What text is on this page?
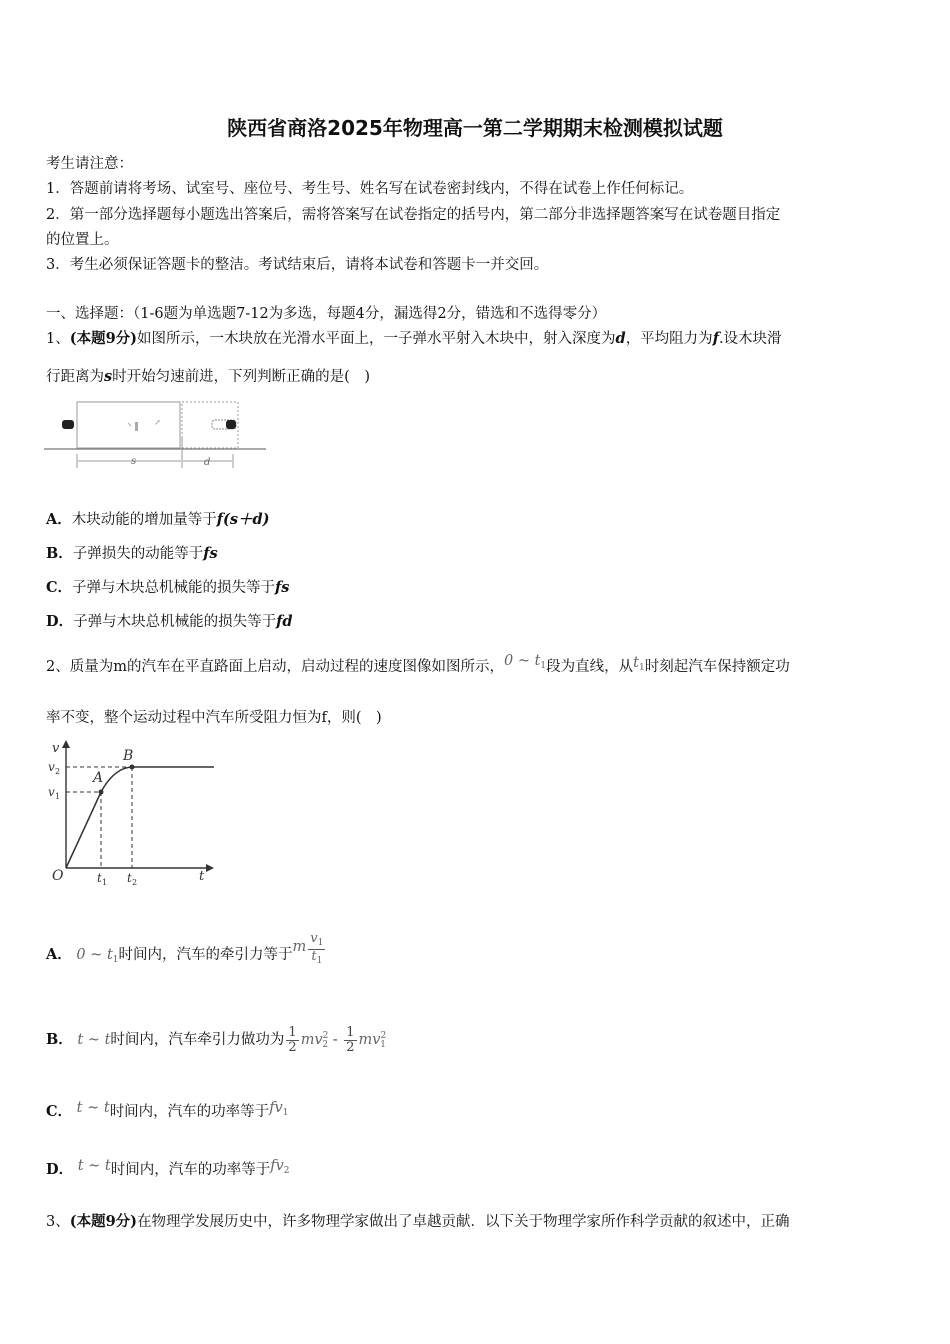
陕西省商洛2025年物理高一第二学期期末检测模拟试题
考生请注意：
1．答题前请将考场、试室号、座位号、考生号、姓名写在试卷密封线内，不得在试卷上作任何标记。
2．第一部分选择题每小题选出答案后，需将答案写在试卷指定的括号内，第二部分非选择题答案写在试卷题目指定
的位置上。
3．考生必须保证答题卡的整洁。考试结束后，请将本试卷和答题卡一并交回。
一、选择题：（1-6题为单选题7-12为多选，每题4分，漏选得2分，错选和不选得零分）
1、(本题9分)如图所示，一木块放在光滑水平面上，一子弹水平射入木块中，射入深度为d，平均阻力为f.设木块滑
行距离为s时开始匀速前进，下列判断正确的是(　)
↗
s	d
A．木块动能的增加量等于f(s＋d)
B．子弹损失的动能等于fs
C．子弹与木块总机械能的损失等于fs
D．子弹与木块总机械能的损失等于fd
2、质量为m的汽车在平直路面上启动，启动过程的速度图像如图所示，0 ~ $t_1$段为直线，从$t_1$时刻起汽车保持额定功
率不变，整个运动过程中汽车所受阻力恒为f，则(　)
v
v 2
v 1
A
B
O	t 1 t 2	t
A． 0 ~ $t_1$时间内，汽车的牵引力等于m $\frac{v_1}{t_1}$
B． t ~ t时间内，汽车牵引力做功为 $\frac{1}{2} mv^2_2 - \frac{1}{2} mv^2_1$
C． t ~ t时间内，汽车的功率等于$fv_1$
D． t ~ t时间内，汽车的功率等于$fv_2$
3、(本题9分)在物理学发展历史中，许多物理学家做出了卓越贡献．以下关于物理学家所作科学贡献的叙述中，正确
